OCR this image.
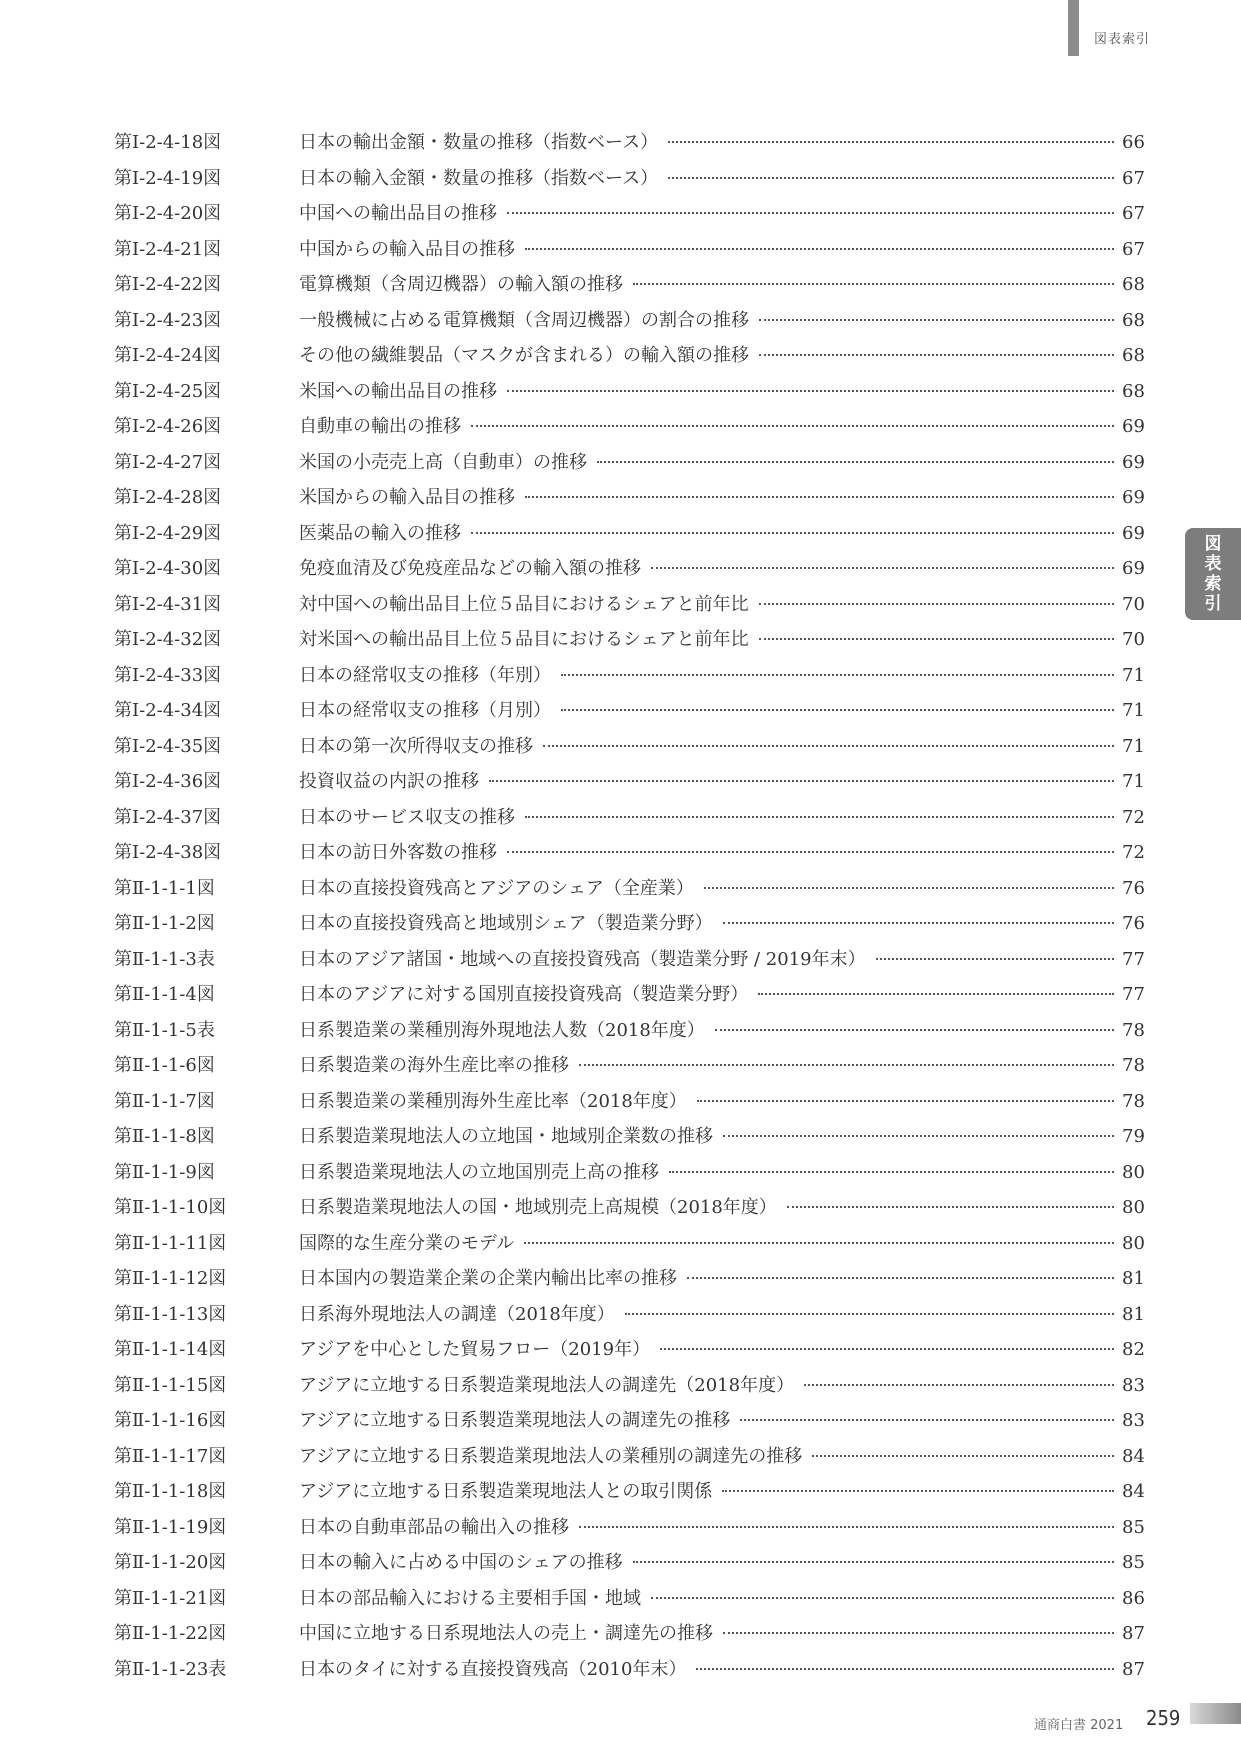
図表索引
図
表
索
引
第Ⅰ-2-4-18図	日本の輸出金額・数量の推移（指数ベース）	66
第Ⅰ-2-4-19図	日本の輸入金額・数量の推移（指数ベース）	67
第Ⅰ-2-4-20図	中国への輸出品目の推移	67
第Ⅰ-2-4-21図	中国からの輸入品目の推移	67
第Ⅰ-2-4-22図	電算機類（含周辺機器）の輸入額の推移	68
第Ⅰ-2-4-23図	一般機械に占める電算機類（含周辺機器）の割合の推移	68
第Ⅰ-2-4-24図	その他の繊維製品（マスクが含まれる）の輸入額の推移	68
第Ⅰ-2-4-25図	米国への輸出品目の推移	68
第Ⅰ-2-4-26図	自動車の輸出の推移	69
第Ⅰ-2-4-27図	米国の小売売上高（自動車）の推移	69
第Ⅰ-2-4-28図	米国からの輸入品目の推移	69
第Ⅰ-2-4-29図	医薬品の輸入の推移	69
第Ⅰ-2-4-30図	免疫血清及び免疫産品などの輸入額の推移	69
第Ⅰ-2-4-31図	対中国への輸出品目上位５品目におけるシェアと前年比	70
第Ⅰ-2-4-32図	対米国への輸出品目上位５品目におけるシェアと前年比	70
第Ⅰ-2-4-33図	日本の経常収支の推移（年別）	71
第Ⅰ-2-4-34図	日本の経常収支の推移（月別）	71
第Ⅰ-2-4-35図	日本の第一次所得収支の推移	71
第Ⅰ-2-4-36図	投資収益の内訳の推移	71
第Ⅰ-2-4-37図	日本のサービス収支の推移	72
第Ⅰ-2-4-38図	日本の訪日外客数の推移	72
第Ⅱ-1-1-1図	日本の直接投資残高とアジアのシェア（全産業）	76
第Ⅱ-1-1-2図	日本の直接投資残高と地域別シェア（製造業分野）	76
第Ⅱ-1-1-3表	日本のアジア諸国・地域への直接投資残高（製造業分野 / 2019年末）	77
第Ⅱ-1-1-4図	日本のアジアに対する国別直接投資残高（製造業分野）	77
第Ⅱ-1-1-5表	日系製造業の業種別海外現地法人数（2018年度）	78
第Ⅱ-1-1-6図	日系製造業の海外生産比率の推移	78
第Ⅱ-1-1-7図	日系製造業の業種別海外生産比率（2018年度）	78
第Ⅱ-1-1-8図	日系製造業現地法人の立地国・地域別企業数の推移	79
第Ⅱ-1-1-9図	日系製造業現地法人の立地国別売上高の推移	80
第Ⅱ-1-1-10図	日系製造業現地法人の国・地域別売上高規模（2018年度）	80
第Ⅱ-1-1-11図	国際的な生産分業のモデル	80
第Ⅱ-1-1-12図	日本国内の製造業企業の企業内輸出比率の推移	81
第Ⅱ-1-1-13図	日系海外現地法人の調達（2018年度）	81
第Ⅱ-1-1-14図	アジアを中心とした貿易フロー（2019年）	82
第Ⅱ-1-1-15図	アジアに立地する日系製造業現地法人の調達先（2018年度）	83
第Ⅱ-1-1-16図	アジアに立地する日系製造業現地法人の調達先の推移	83
第Ⅱ-1-1-17図	アジアに立地する日系製造業現地法人の業種別の調達先の推移	84
第Ⅱ-1-1-18図	アジアに立地する日系製造業現地法人との取引関係	84
第Ⅱ-1-1-19図	日本の自動車部品の輸出入の推移	85
第Ⅱ-1-1-20図	日本の輸入に占める中国のシェアの推移	85
第Ⅱ-1-1-21図	日本の部品輸入における主要相手国・地域	86
第Ⅱ-1-1-22図	中国に立地する日系現地法人の売上・調達先の推移	87
第Ⅱ-1-1-23表	日本のタイに対する直接投資残高（2010年末）	87
通商白書 2021 259
